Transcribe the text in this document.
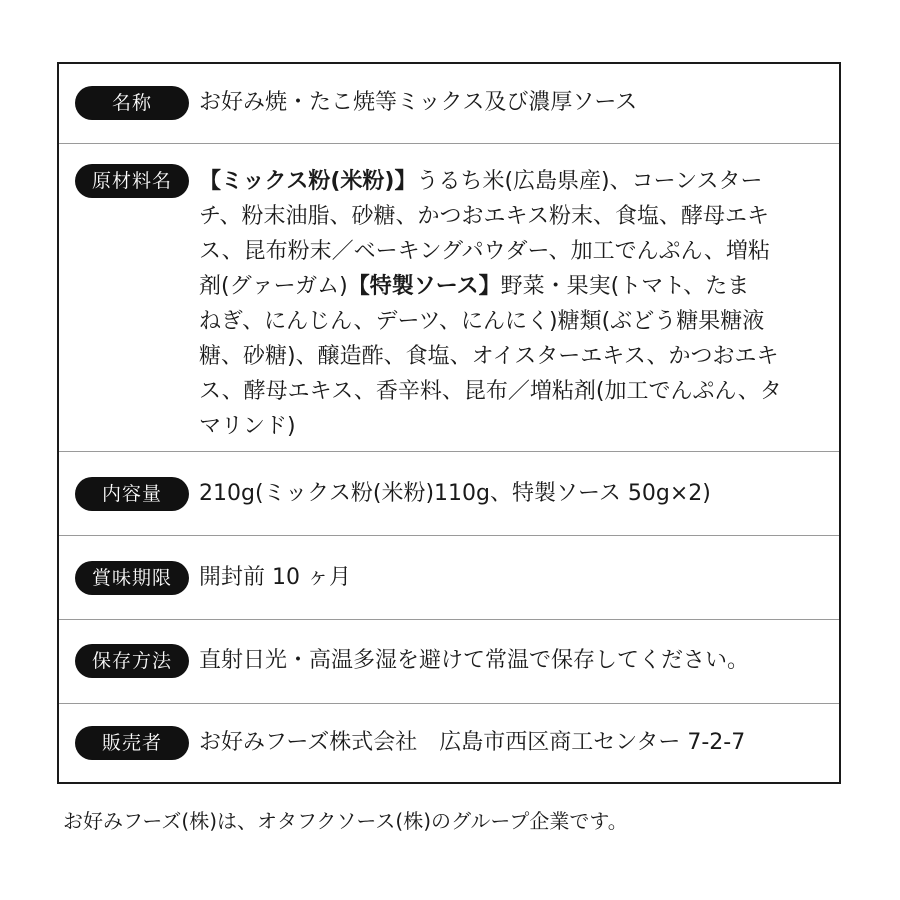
名称	お好み焼・たこ焼等ミックス及び濃厚ソース
原材料名	【ミックス粉(米粉)】うるち米(広島県産)、コーンスター
チ、粉末油脂、砂糖、かつおエキス粉末、食塩、酵母エキ
ス、昆布粉末／ベーキングパウダー、加工でんぷん、増粘
剤(グァーガム)【特製ソース】野菜・果実(トマト、たま
ねぎ、にんじん、デーツ、にんにく)糖類(ぶどう糖果糖液
糖、砂糖)、醸造酢、食塩、オイスターエキス、かつおエキ
ス、酵母エキス、香辛料、昆布／増粘剤(加工でんぷん、タ
マリンド)
内容量	210g(ミックス粉(米粉)110g、特製ソース 50g×2)
賞味期限	開封前 10 ヶ月
保存方法	直射日光・高温多湿を避けて常温で保存してください。
販売者	お好みフーズ株式会社　広島市西区商工センター 7-2-7
お好みフーズ(株)は、オタフクソース(株)のグループ企業です。
